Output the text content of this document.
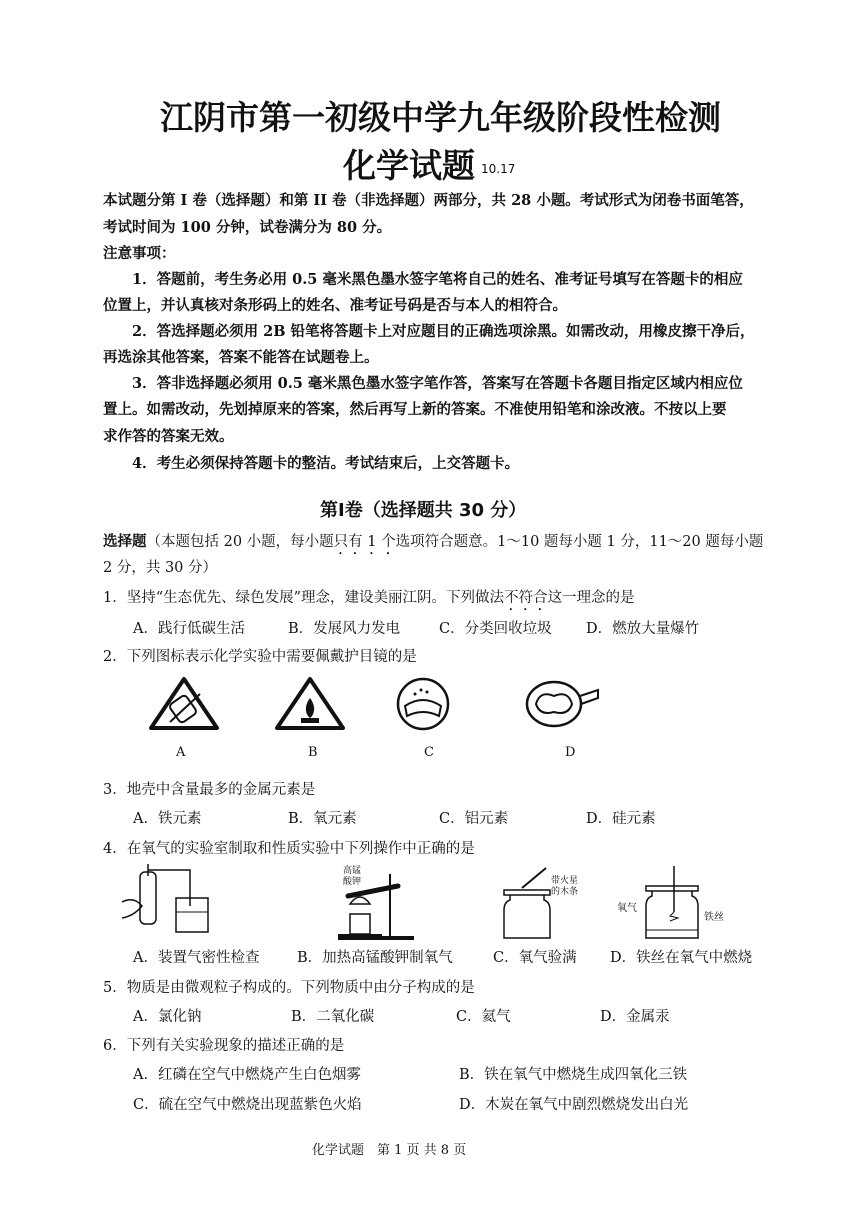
江阴市第一初级中学九年级阶段性检测
化学试题 10.17
本试题分第 I 卷（选择题）和第 II 卷（非选择题）两部分，共 28 小题。考试形式为闭卷书面笔答，
考试时间为 100 分钟，试卷满分为 80 分。
注意事项：
1．答题前，考生务必用 0.5 毫米黑色墨水签字笔将自己的姓名、准考证号填写在答题卡的相应
位置上，并认真核对条形码上的姓名、准考证号码是否与本人的相符合。
2．答选择题必须用 2B 铅笔将答题卡上对应题目的正确选项涂黑。如需改动，用橡皮擦干净后，
再选涂其他答案，答案不能答在试题卷上。
3．答非选择题必须用 0.5 毫米黑色墨水签字笔作答，答案写在答题卡各题目指定区域内相应位
置上。如需改动，先划掉原来的答案，然后再写上新的答案。不准使用铅笔和涂改液。不按以上要
求作答的答案无效。
4．考生必须保持答题卡的整洁。考试结束后，上交答题卡。
第Ⅰ卷（选择题共 30 分）
选择题（本题包括 20 小题，每小题只有 1 个选项符合题意。1～10 题每小题 1 分，11～20 题每小题
2 分，共 30 分）
1．坚持“生态优先、绿色发展”理念，建设美丽江阴。下列做法不符合这一理念的是
A．践行低碳生活	B．发展风力发电	C．分类回收垃圾 D．燃放大量爆竹
2．下列图标表示化学实验中需要佩戴护目镜的是
A	B	C	D
3．地壳中含量最多的金属元素是
A．铁元素	B．氧元素	C．铝元素	D．硅元素
4．在氧气的实验室制取和性质实验中下列操作中正确的是
高锰
酸钾	带火星
的木条
氧气
铁丝
A．装置气密性检查	B．加热高锰酸钾制氧气	C．氧气验满 D．铁丝在氧气中燃烧
5．物质是由微观粒子构成的。下列物质中由分子构成的是
A．氯化钠	B．二氧化碳	C．氦气	D．金属汞
6．下列有关实验现象的描述正确的是
A．红磷在空气中燃烧产生白色烟雾	B．铁在氧气中燃烧生成四氧化三铁
C．硫在空气中燃烧出现蓝紫色火焰	D．木炭在氧气中剧烈燃烧发出白光
化学试题　第 1 页 共 8 页
